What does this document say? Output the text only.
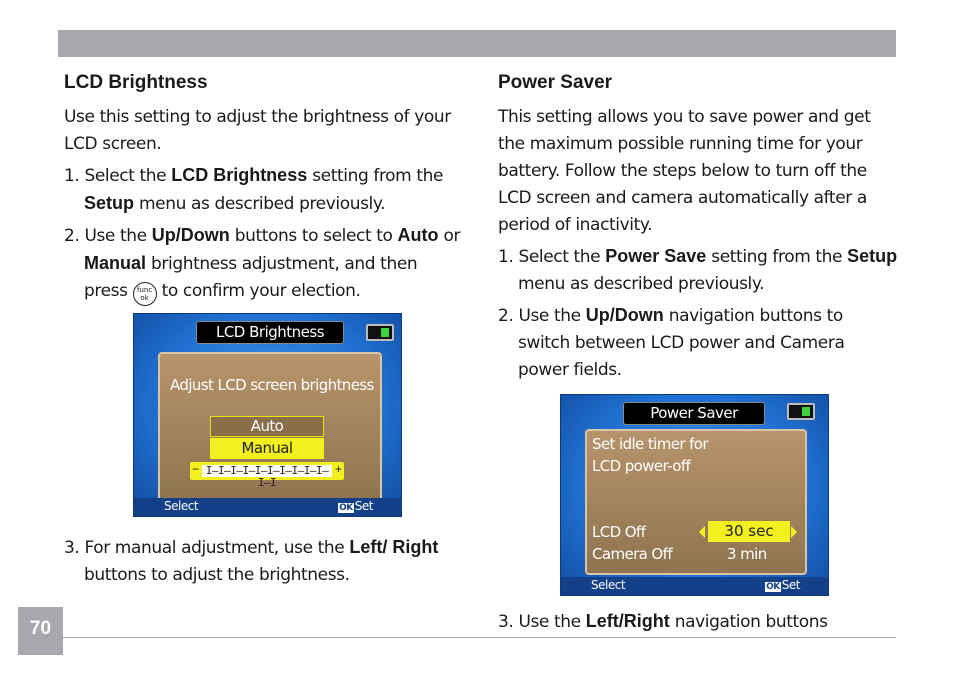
LCD Brightness

Use this setting to adjust the brightness of your LCD screen.

1. Select the LCD Brightness setting from the Setup menu as described previously.
2. Use the Up/Down buttons to select to Auto or Manual brightness adjustment, and then press func
ok to confirm your election.
LCD Brightness
Adjust LCD screen brightness
Auto
Manual
− I–I–I–I–I–I–I–I–I–I–I–I
+
Select	OK Set
3. For manual adjustment, use the Left/ Right buttons to adjust the brightness.
Power Saver

This setting allows you to save power and get the maximum possible running time for your battery. Follow the steps below to turn off the LCD screen and camera automatically after a period of inactivity.

1. Select the Power Save setting from the Setup menu as described previously.
2. Use the Up/Down navigation buttons to switch between LCD power and Camera power fields.
Power Saver
Set idle timer for
LCD power-off
LCD Off	30 sec
Camera Off	3 min
Select	OK Set
3. Use the Left/Right navigation buttons
70
